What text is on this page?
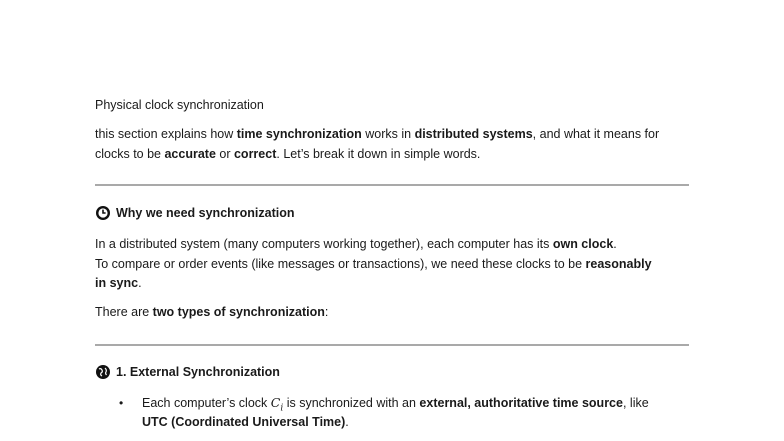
Physical clock synchronization
this section explains how time synchronization works in distributed systems, and what it means for
clocks to be accurate or correct. Let’s break it down in simple words.
Why we need synchronization
In a distributed system (many computers working together), each computer has its own clock.
To compare or order events (like messages or transactions), we need these clocks to be reasonably
in sync.
There are two types of synchronization:
1. External Synchronization
• Each computer’s clock $C_i$ is synchronized with an external, authoritative time source, like
UTC (Coordinated Universal Time).
